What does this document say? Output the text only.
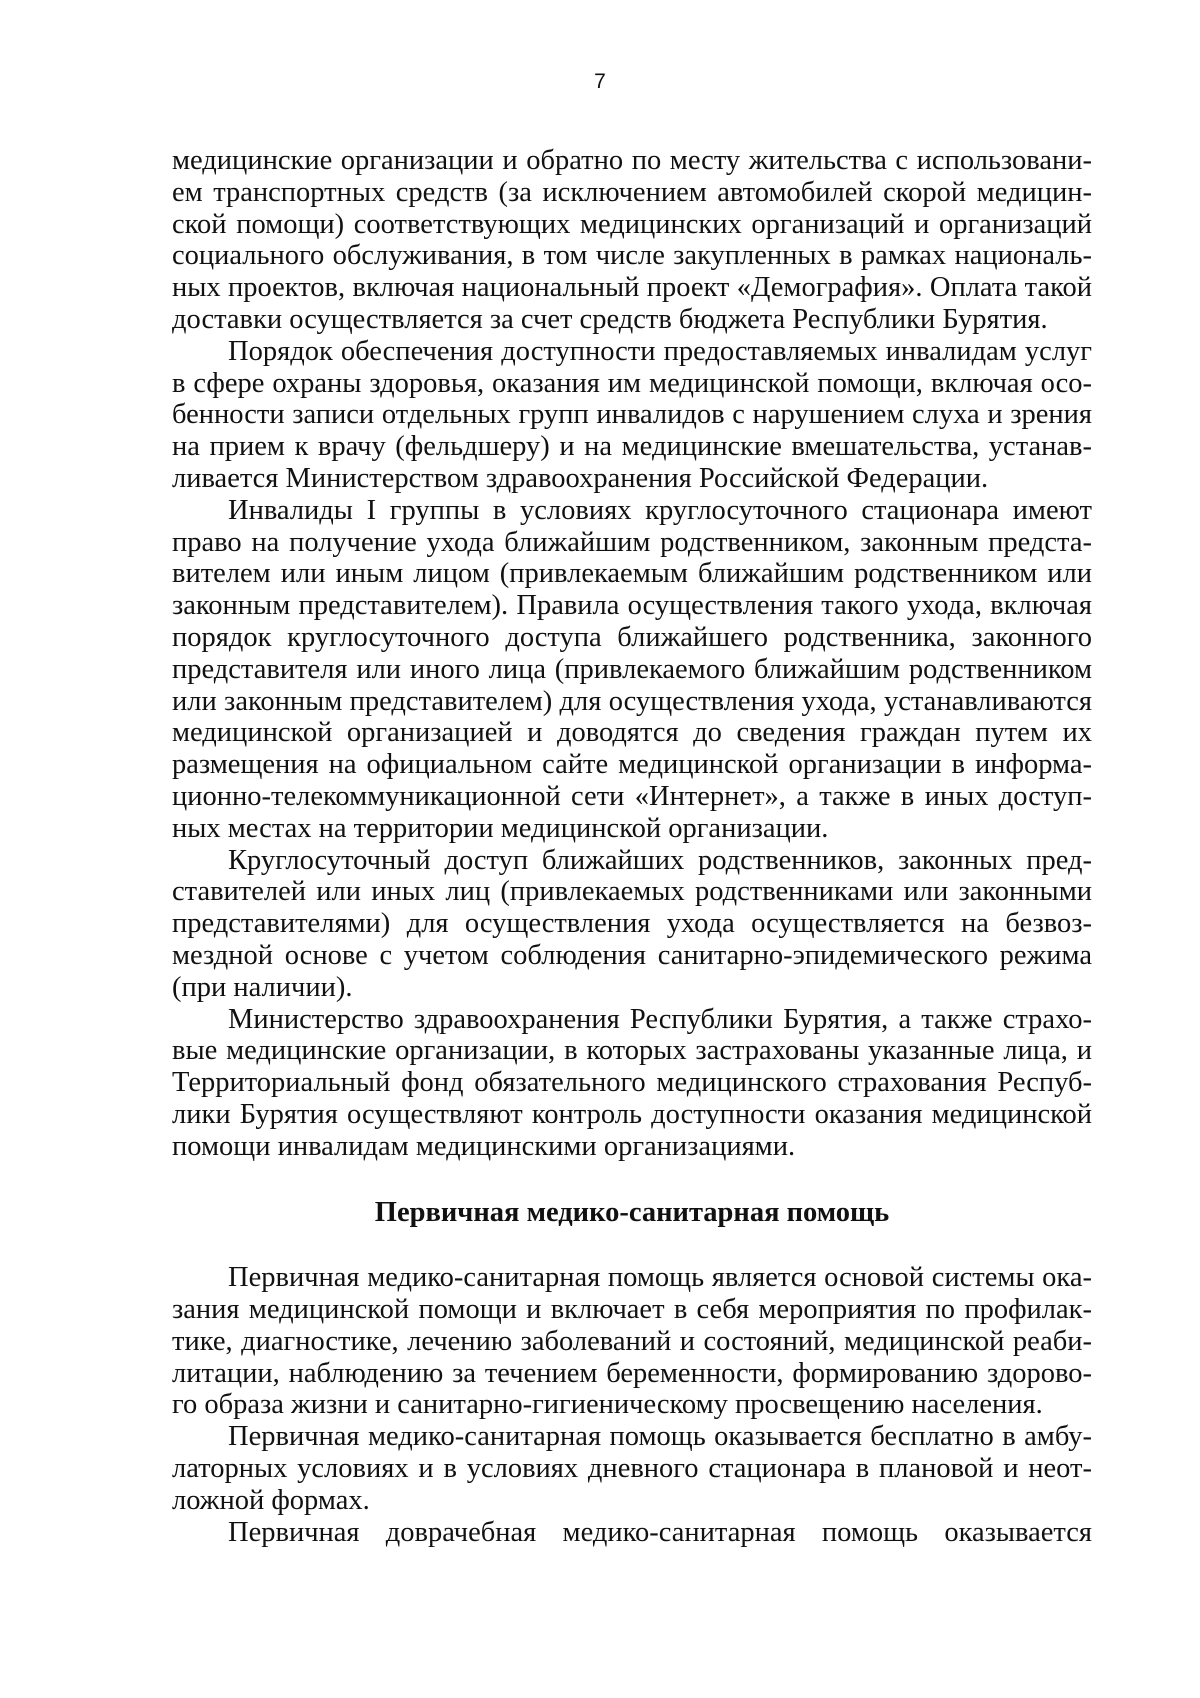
7
медицинские организации и обратно по месту жительства с использовани-
ем транспортных средств (за исключением автомобилей скорой медицин-
ской помощи) соответствующих медицинских организаций и организаций
социального обслуживания, в том числе закупленных в рамках националь-
ных проектов, включая национальный проект «Демография». Оплата такой
доставки осуществляется за счет средств бюджета Республики Бурятия.
Порядок обеспечения доступности предоставляемых инвалидам услуг
в сфере охраны здоровья, оказания им медицинской помощи, включая осо-
бенности записи отдельных групп инвалидов с нарушением слуха и зрения
на прием к врачу (фельдшеру) и на медицинские вмешательства, устанав-
ливается Министерством здравоохранения Российской Федерации.
Инвалиды I группы в условиях круглосуточного стационара имеют
право на получение ухода ближайшим родственником, законным предста-
вителем или иным лицом (привлекаемым ближайшим родственником или
законным представителем). Правила осуществления такого ухода, включая
порядок круглосуточного доступа ближайшего родственника, законного
представителя или иного лица (привлекаемого ближайшим родственником
или законным представителем) для осуществления ухода, устанавливаются
медицинской организацией и доводятся до сведения граждан путем их
размещения на официальном сайте медицинской организации в информа-
ционно-телекоммуникационной сети «Интернет», а также в иных доступ-
ных местах на территории медицинской организации.
Круглосуточный доступ ближайших родственников, законных пред-
ставителей или иных лиц (привлекаемых родственниками или законными
представителями) для осуществления ухода осуществляется на безвоз-
мездной основе с учетом соблюдения санитарно-эпидемического режима
(при наличии).
Министерство здравоохранения Республики Бурятия, а также страхо-
вые медицинские организации, в которых застрахованы указанные лица, и
Территориальный фонд обязательного медицинского страхования Респуб-
лики Бурятия осуществляют контроль доступности оказания медицинской
помощи инвалидам медицинскими организациями.
Первичная медико-санитарная помощь
Первичная медико-санитарная помощь является основой системы ока-
зания медицинской помощи и включает в себя мероприятия по профилак-
тике, диагностике, лечению заболеваний и состояний, медицинской реаби-
литации, наблюдению за течением беременности, формированию здорово-
го образа жизни и санитарно-гигиеническому просвещению населения.
Первичная медико-санитарная помощь оказывается бесплатно в амбу-
латорных условиях и в условиях дневного стационара в плановой и неот-
ложной формах.
Первичная доврачебная медико-санитарная помощь оказывается
